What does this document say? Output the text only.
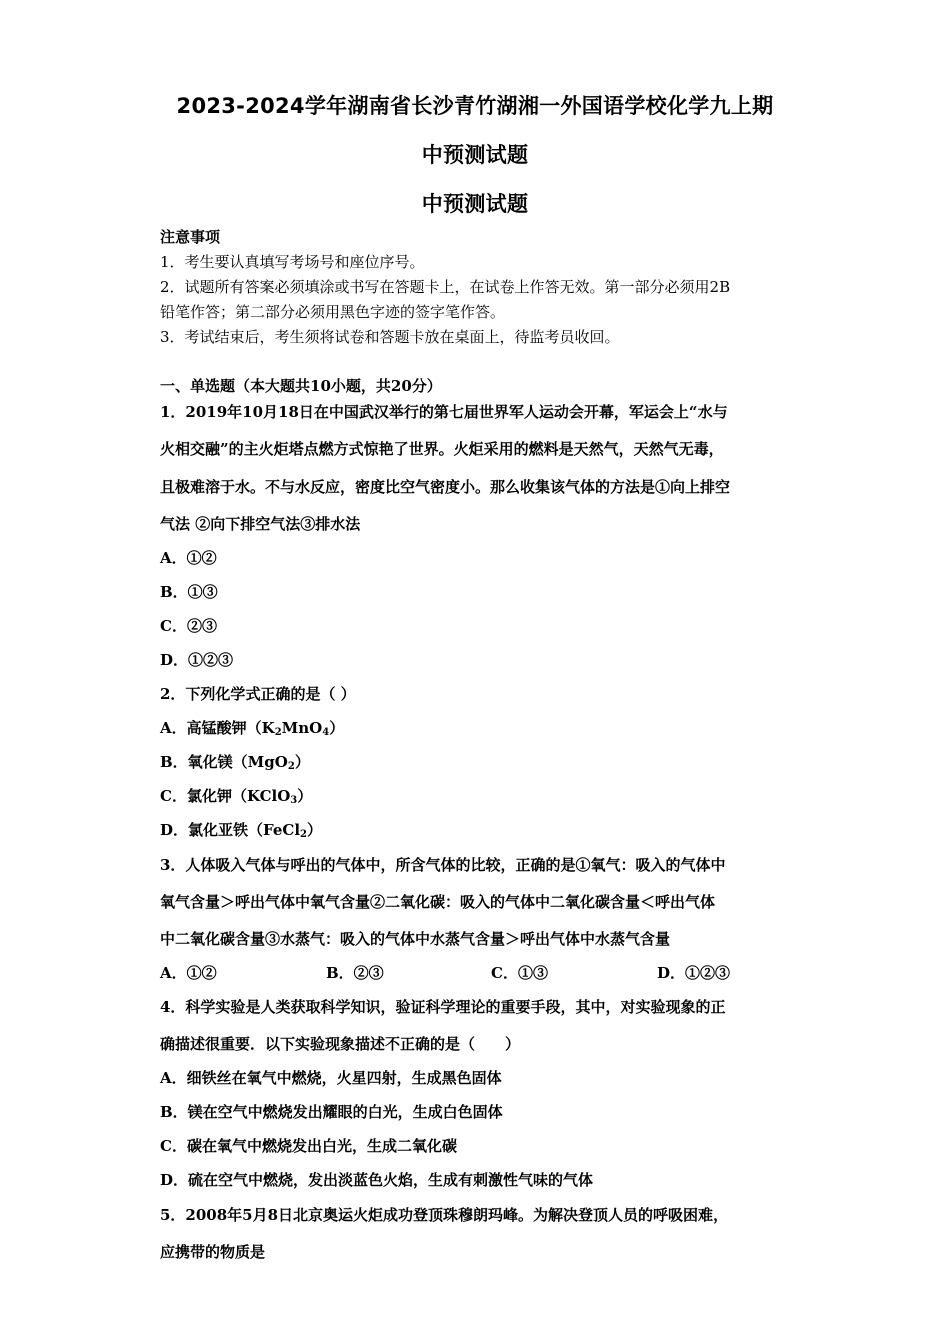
2023-2024学年湖南省长沙青竹湖湘一外国语学校化学九上期
中预测试题
中预测试题
注意事项
1．考生要认真填写考场号和座位序号。
2．试题所有答案必须填涂或书写在答题卡上，在试卷上作答无效。第一部分必须用2B
铅笔作答；第二部分必须用黑色字迹的签字笔作答。
3．考试结束后，考生须将试卷和答题卡放在桌面上，待监考员收回。
一、单选题（本大题共10小题，共20分）
1．2019年10月18日在中国武汉举行的第七届世界军人运动会开幕，军运会上“水与
火相交融”的主火炬塔点燃方式惊艳了世界。火炬采用的燃料是天然气，天然气无毒，
且极难溶于水。不与水反应，密度比空气密度小。那么收集该气体的方法是①向上排空
气法 ②向下排空气法③排水法
A．①②
B．①③
C．②③
D．①②③
2．下列化学式正确的是（ ）
A．高锰酸钾$(K_2MnO_4)$
B．氧化镁（MgO$_2$）
C．氯化钾（KClO$_3$）
D．氯化亚铁（FeCl$_2$）
3．人体吸入气体与呼出的气体中，所含气体的比较，正确的是①氧气：吸入的气体中
氧气含量＞呼出气体中氧气含量②二氧化碳：吸入的气体中二氧化碳含量＜呼出气体
中二氧化碳含量③水蒸气：吸入的气体中水蒸气含量＞呼出气体中水蒸气含量
A．①②	B．②③	C．①③	D．①②③
4．科学实验是人类获取科学知识，验证科学理论的重要手段，其中，对实验现象的正
确描述很重要．以下实验现象描述不正确的是（　　）
A．细铁丝在氧气中燃烧，火星四射，生成黑色固体
B．镁在空气中燃烧发出耀眼的白光，生成白色固体
C．碳在氧气中燃烧发出白光，生成二氧化碳
D．硫在空气中燃烧，发出淡蓝色火焰，生成有刺激性气味的气体
5．2008年5月8日北京奥运火炬成功登顶珠穆朗玛峰。为解决登顶人员的呼吸困难，
应携带的物质是
